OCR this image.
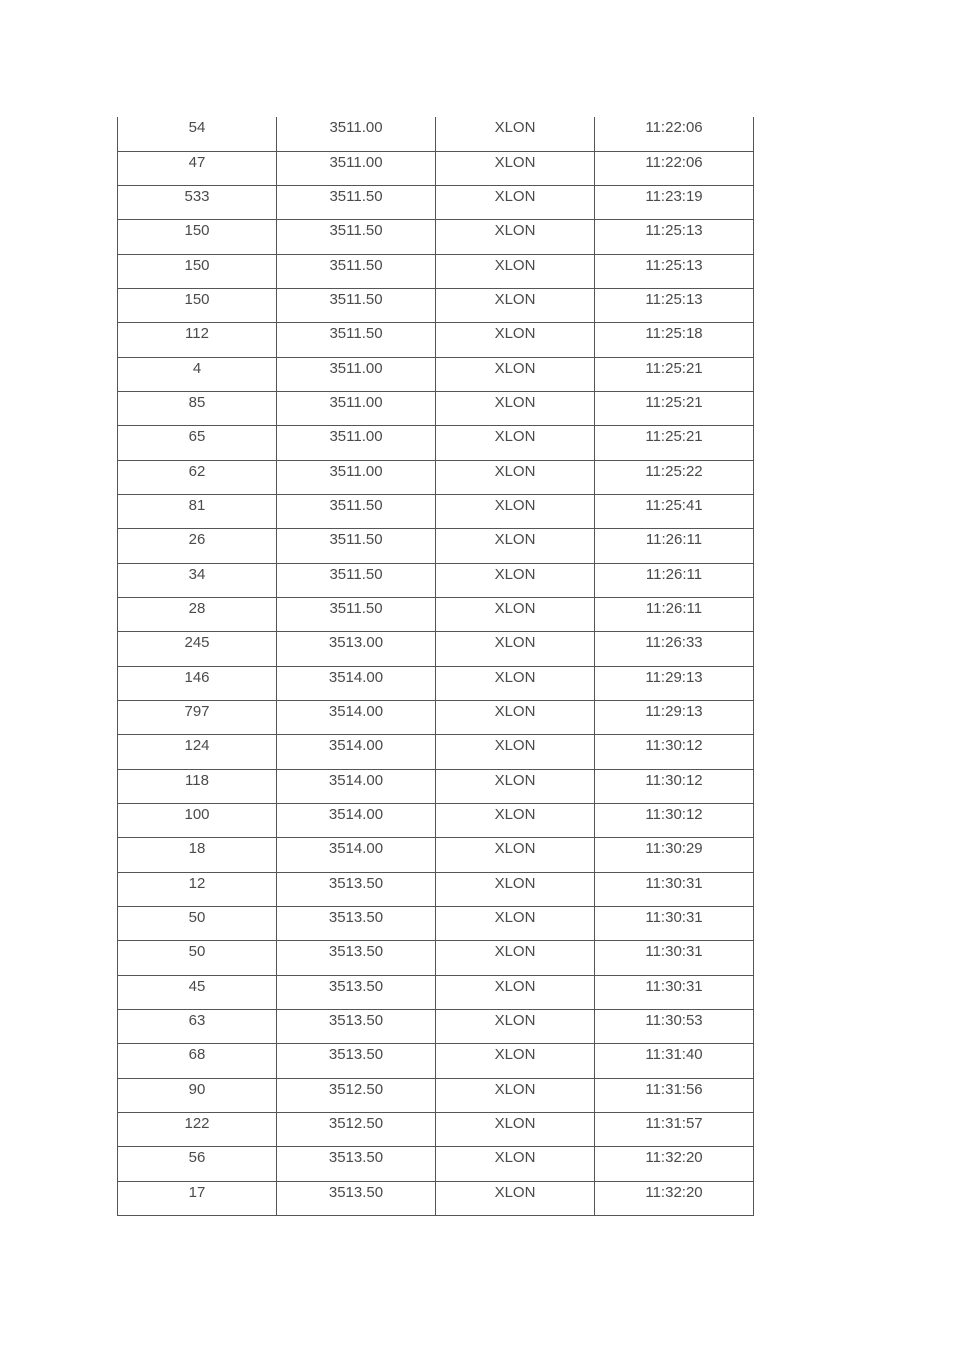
54	3511.00	XLON	11:22:06

47	3511.00	XLON	11:22:06

533	3511.50	XLON	11:23:19

150	3511.50	XLON	11:25:13

150	3511.50	XLON	11:25:13

150	3511.50	XLON	11:25:13

112	3511.50	XLON	11:25:18

4	3511.00	XLON	11:25:21

85	3511.00	XLON	11:25:21

65	3511.00	XLON	11:25:21

62	3511.00	XLON	11:25:22

81	3511.50	XLON	11:25:41

26	3511.50	XLON	11:26:11

34	3511.50	XLON	11:26:11

28	3511.50	XLON	11:26:11

245	3513.00	XLON	11:26:33

146	3514.00	XLON	11:29:13

797	3514.00	XLON	11:29:13

124	3514.00	XLON	11:30:12

118	3514.00	XLON	11:30:12

100	3514.00	XLON	11:30:12

18	3514.00	XLON	11:30:29

12	3513.50	XLON	11:30:31

50	3513.50	XLON	11:30:31

50	3513.50	XLON	11:30:31

45	3513.50	XLON	11:30:31

63	3513.50	XLON	11:30:53

68	3513.50	XLON	11:31:40

90	3512.50	XLON	11:31:56

122	3512.50	XLON	11:31:57

56	3513.50	XLON	11:32:20

17	3513.50	XLON	11:32:20
